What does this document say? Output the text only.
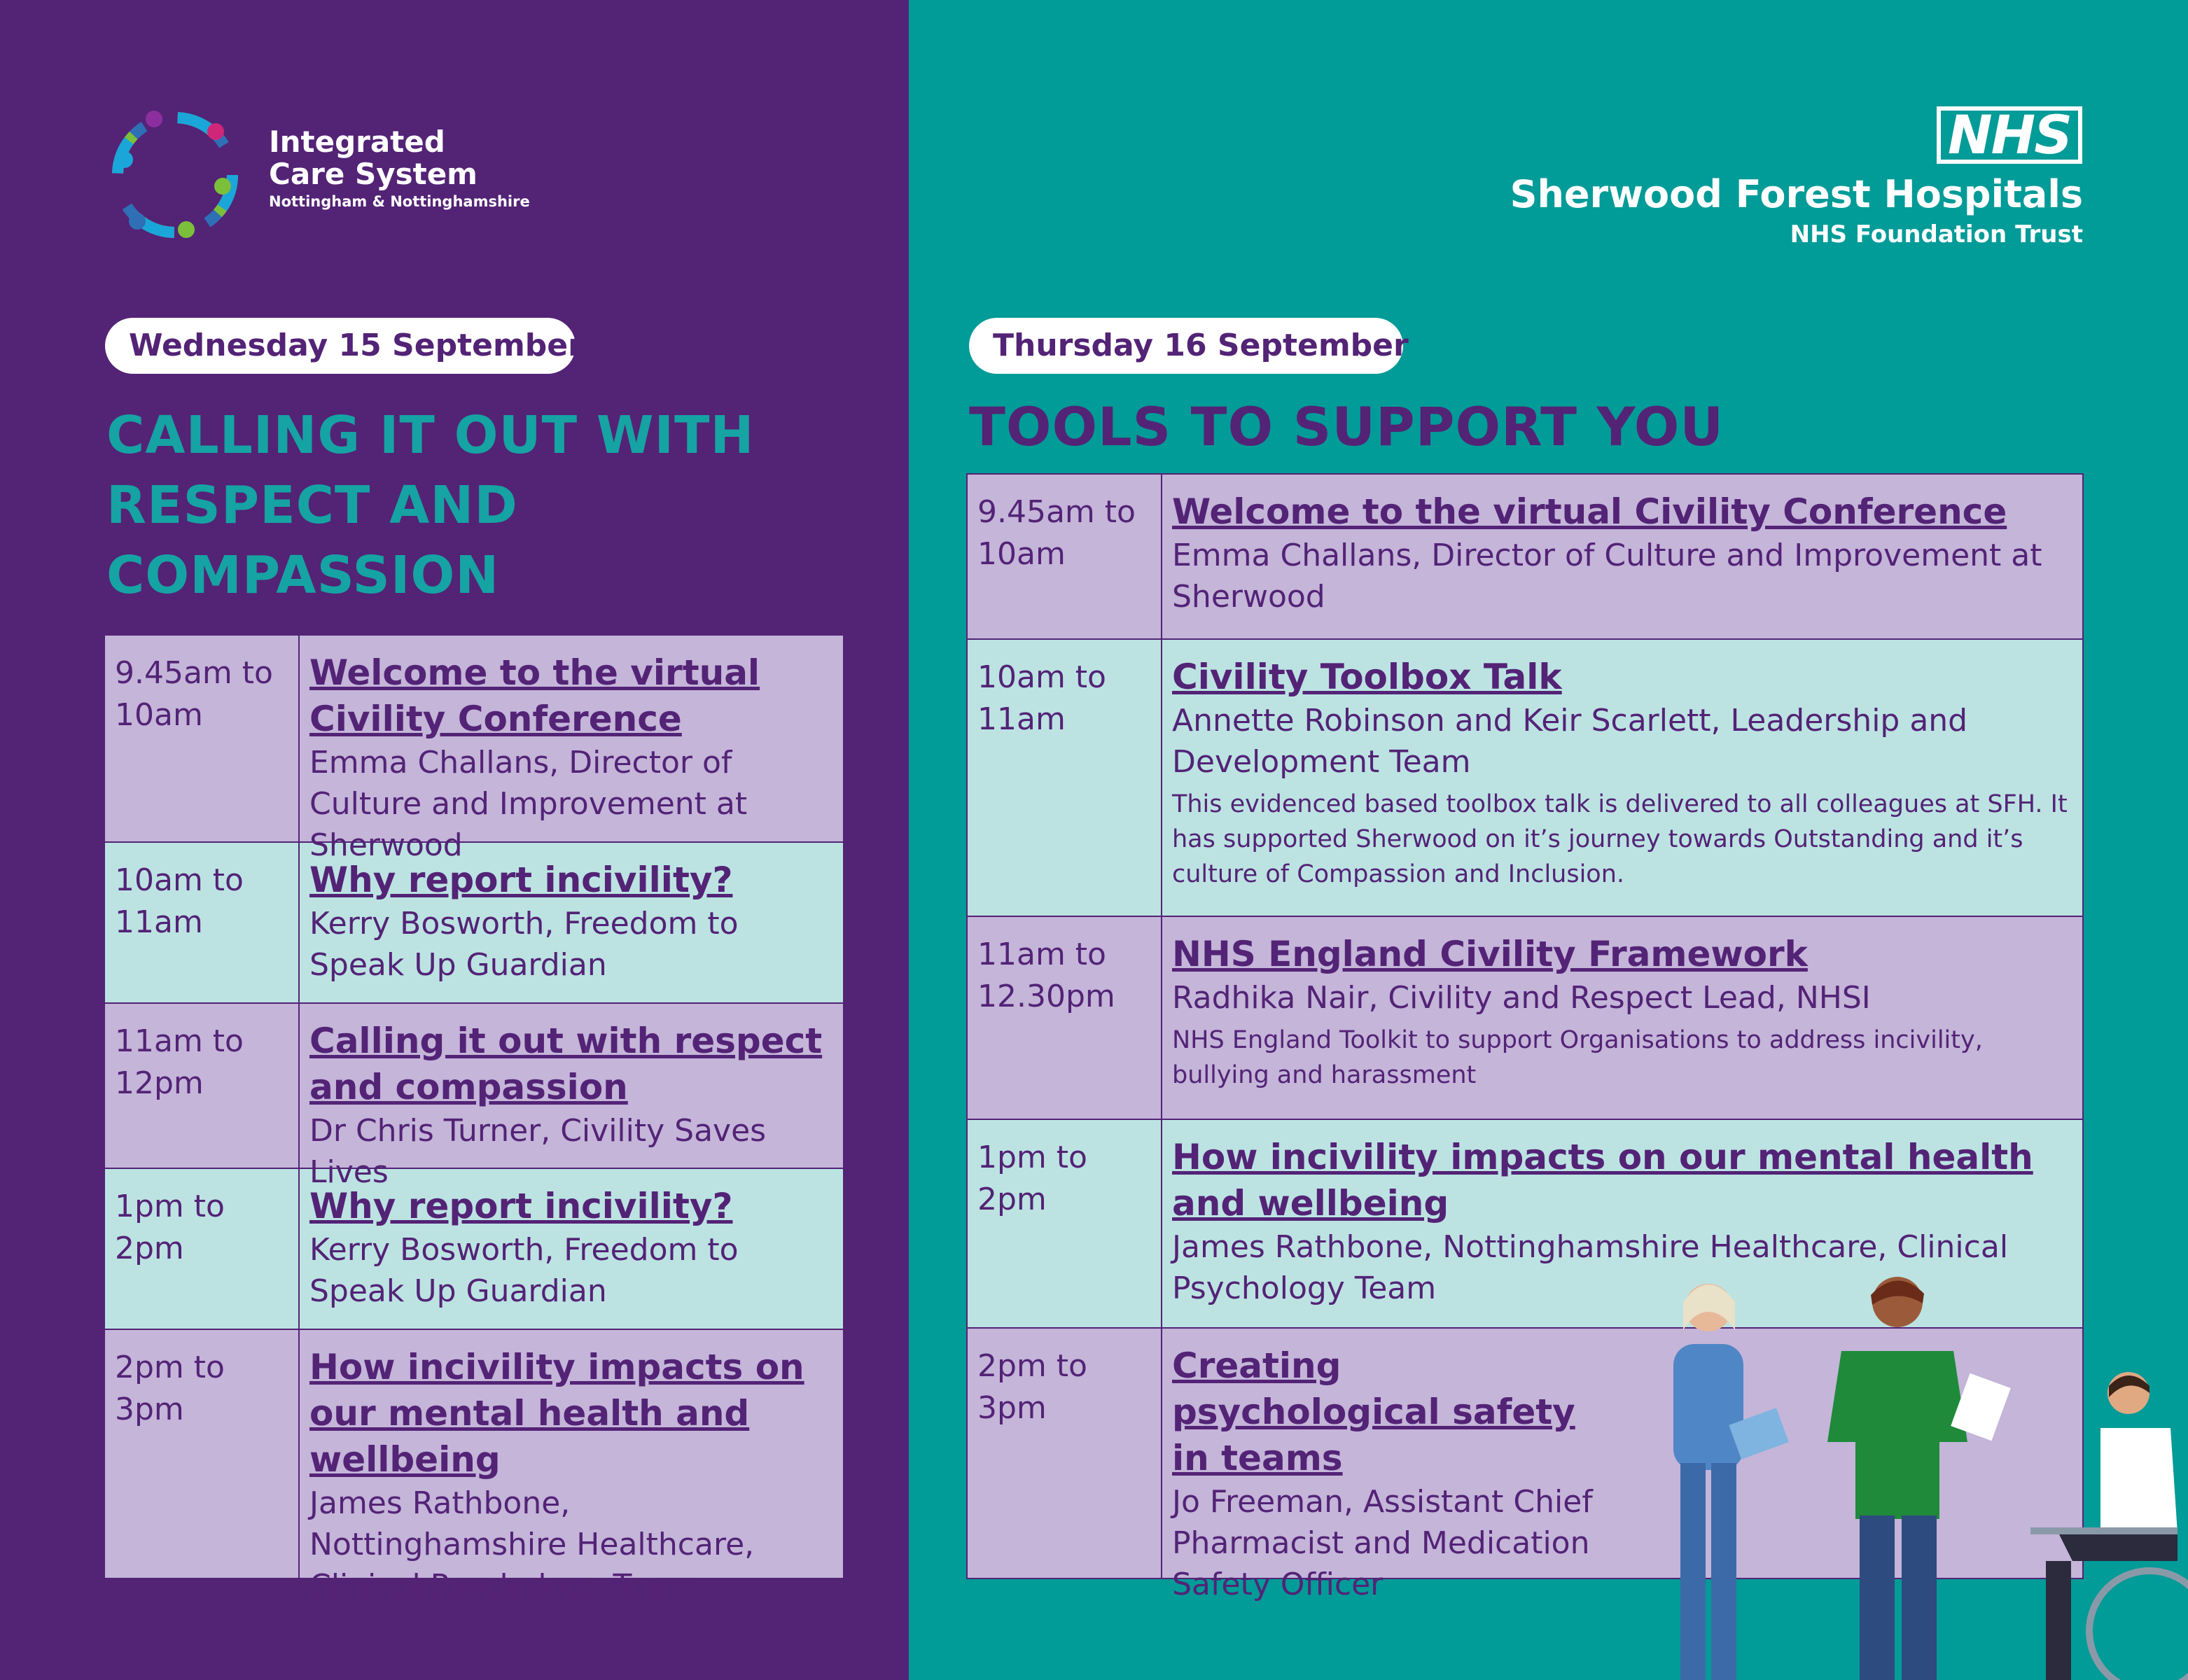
Integrated
Care System
Nottingham & Nottinghamshire
NHS
Sherwood Forest Hospitals
NHS Foundation Trust
Wednesday 15 September	Thursday 16 September
CALLING IT OUT WITH
RESPECT AND
COMPASSION
TOOLS TO SUPPORT YOU
9.45am to 10am
Welcome to the virtual Civility Conference
Emma Challans, Director of Culture and Improvement at Sherwood
10am to 11am
Why report incivility?
Kerry Bosworth, Freedom to Speak Up Guardian
11am to 12pm
Calling it out with respect and compassion
Dr Chris Turner, Civility Saves Lives
1pm to 2pm
Why report incivility?
Kerry Bosworth, Freedom to Speak Up Guardian
2pm to 3pm
How incivility impacts on our mental health and wellbeing
James Rathbone, Nottinghamshire Healthcare, Clinical Psychology Team
9.45am to 10am
Welcome to the virtual Civility Conference
Emma Challans, Director of Culture and Improvement at Sherwood
10am to 11am
Civility Toolbox Talk
Annette Robinson and Keir Scarlett, Leadership and Development Team
This evidenced based toolbox talk is delivered to all colleagues at SFH. It has supported Sherwood on it’s journey towards Outstanding and it’s culture of Compassion and Inclusion.
11am to 12.30pm
NHS England Civility Framework
Radhika Nair, Civility and Respect Lead, NHSI
NHS England Toolkit to support Organisations to address incivility, bullying and harassment
1pm to 2pm
How incivility impacts on our mental health and wellbeing
James Rathbone, Nottinghamshire Healthcare, Clinical Psychology Team
2pm to 3pm
Creating psychological safety in teams
Jo Freeman, Assistant Chief Pharmacist and Medication Safety Officer
